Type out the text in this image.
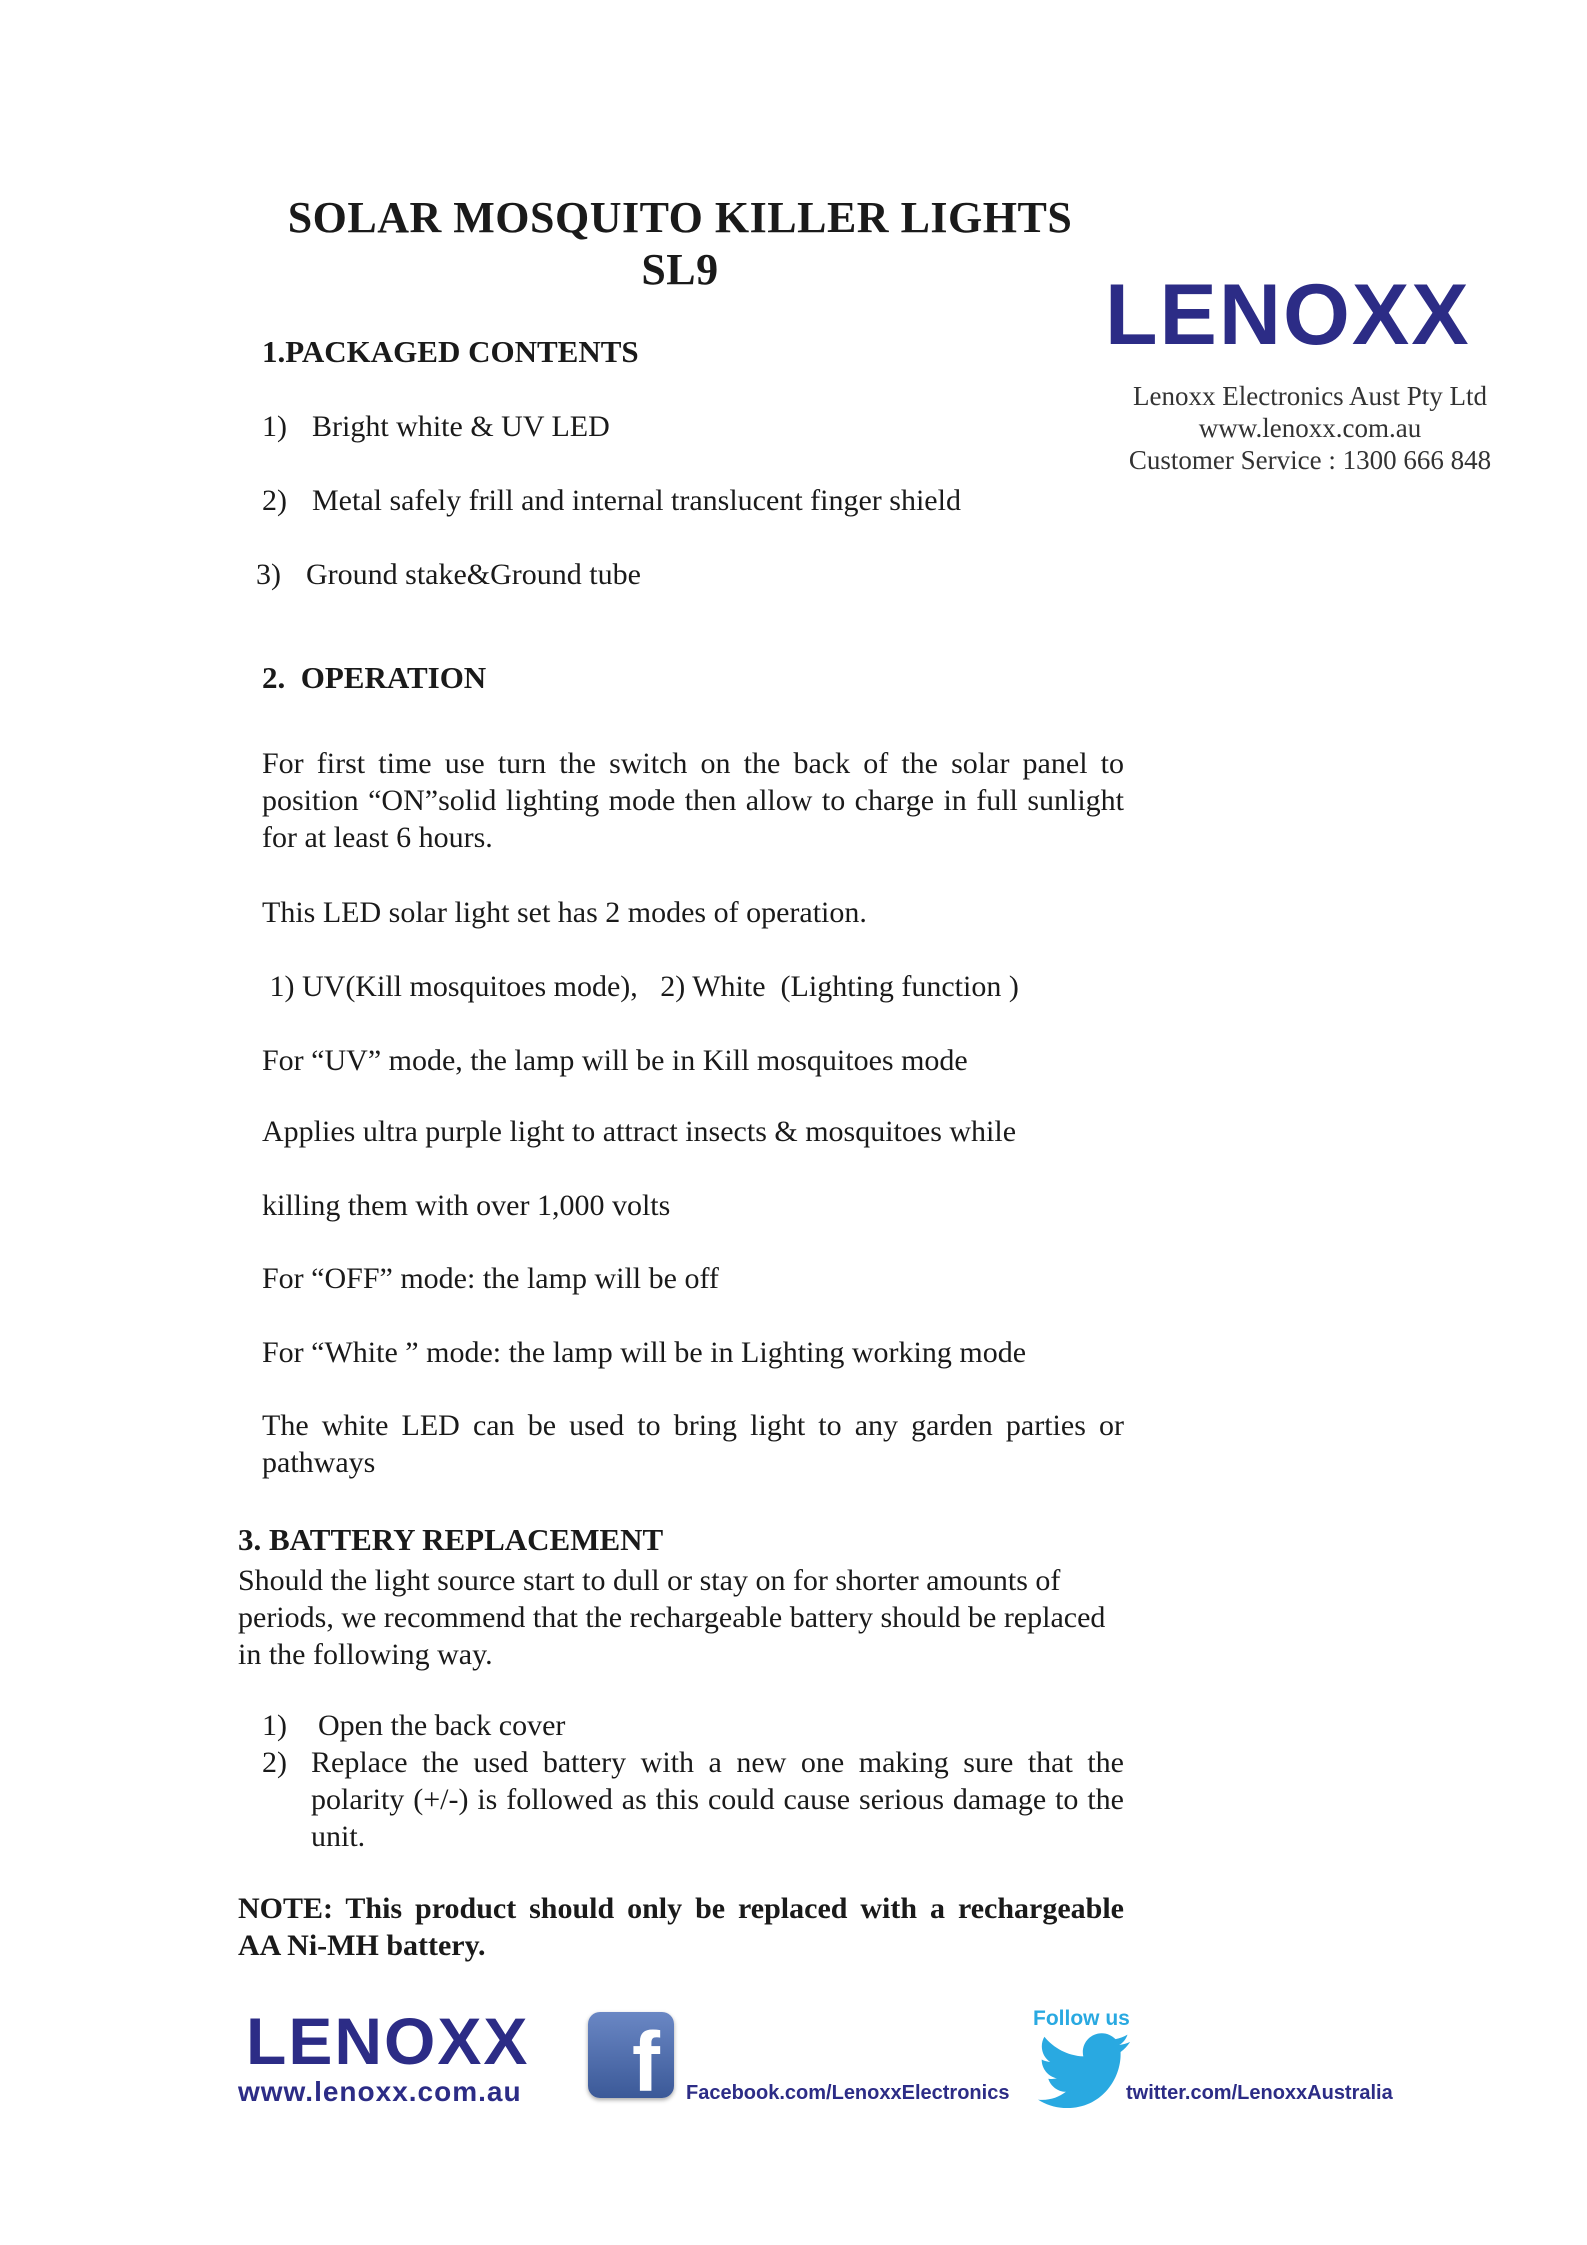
SOLAR MOSQUITO KILLER LIGHTS
SL9	LENOXX
Lenoxx Electronics Aust Pty Ltd
www.lenoxx.com.au
Customer Service : 1300 666 848
1.PACKAGED CONTENTS
1) Bright white & UV LED
2) Metal safely frill and internal translucent finger shield
3) Ground stake&Ground tube
2.  OPERATION
For first time use turn the switch on the back of the solar panel to position “ON”solid lighting mode then allow to charge in full sunlight for at least 6 hours.
This LED solar light set has 2 modes of operation.
1) UV(Kill mosquitoes mode),   2) White  (Lighting function )
For “UV” mode, the lamp will be in Kill mosquitoes mode
Applies ultra purple light to attract insects & mosquitoes while
killing them with over 1,000 volts
For “OFF” mode: the lamp will be off
For “White ” mode: the lamp will be in Lighting working mode
The white LED can be used to bring light to any garden parties or pathways
3. BATTERY REPLACEMENT
Should the light source start to dull or stay on for shorter amounts of periods, we recommend that the rechargeable battery should be replaced in the following way.
1) Open the back cover
2) Replace the used battery with a new one making sure that the polarity (+/-) is followed as this could cause serious damage to the unit.
NOTE: This product should only be replaced with a rechargeable AA Ni-MH battery.
LENOXX
www.lenoxx.com.au f Facebook.com/LenoxxElectronics
Follow us
twitter.com/LenoxxAustralia
